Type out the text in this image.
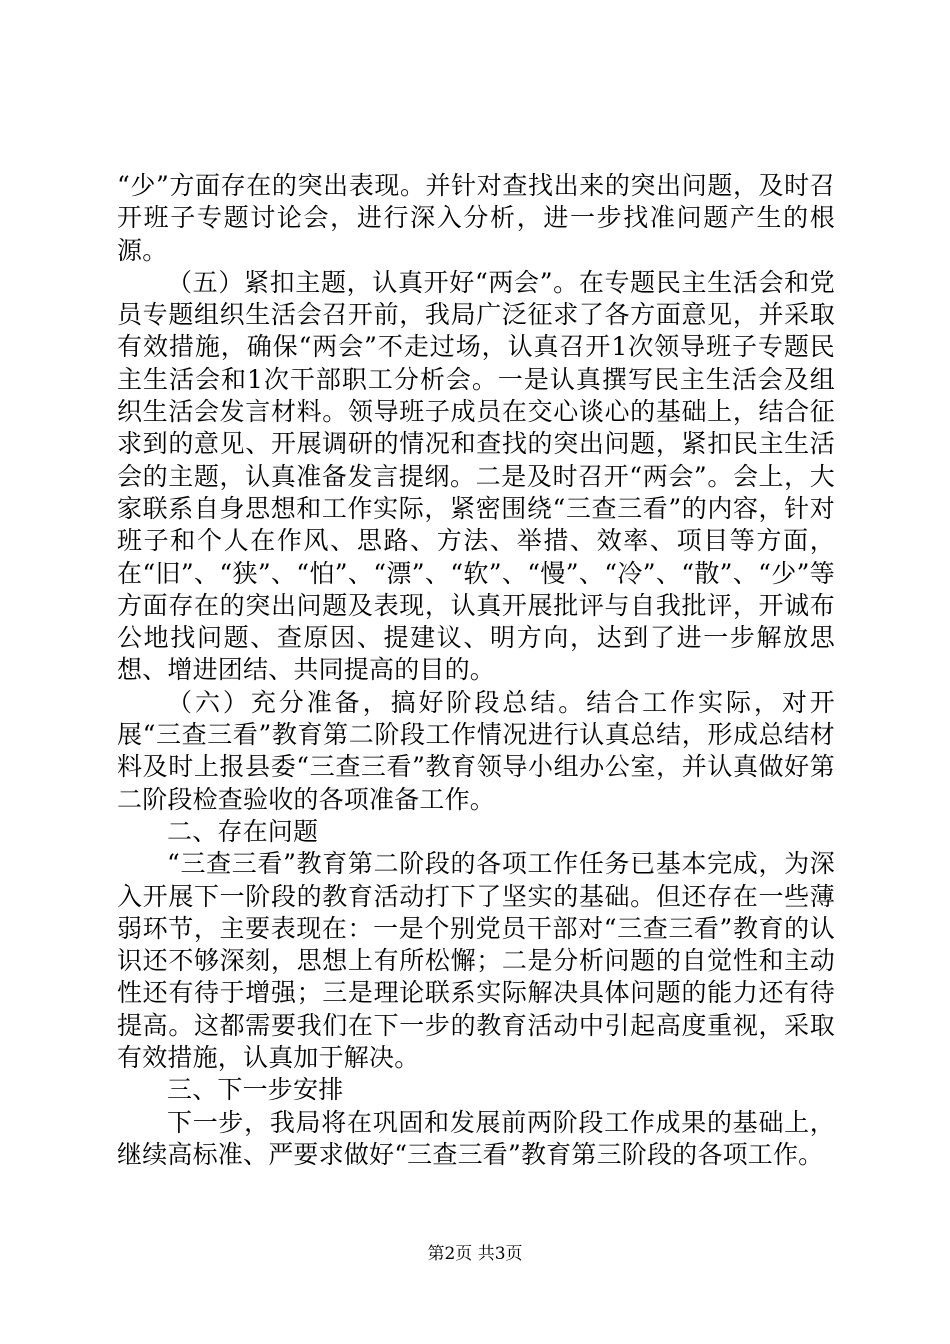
“少”方面存在的突出表现。并针对查找出来的突出问题，及时召开班子专题讨论会，进行深入分析，进一步找准问题产生的根源。

（五）紧扣主题，认真开好“两会”。在专题民主生活会和党员专题组织生活会召开前，我局广泛征求了各方面意见，并采取有效措施，确保“两会”不走过场，认真召开1次领导班子专题民主生活会和1次干部职工分析会。一是认真撰写民主生活会及组织生活会发言材料。领导班子成员在交心谈心的基础上，结合征求到的意见、开展调研的情况和查找的突出问题，紧扣民主生活会的主题，认真准备发言提纲。二是及时召开“两会”。会上，大家联系自身思想和工作实际，紧密围绕“三查三看”的内容，针对班子和个人在作风、思路、方法、举措、效率、项目等方面，在“旧”、“狭”、“怕”、“漂”、“软”、“慢”、“冷”、“散”、“少”等方面存在的突出问题及表现，认真开展批评与自我批评，开诚布公地找问题、查原因、提建议、明方向，达到了进一步解放思想、增进团结、共同提高的目的。

（六）充分准备，搞好阶段总结。结合工作实际，对开展“三查三看”教育第二阶段工作情况进行认真总结，形成总结材料及时上报县委“三查三看”教育领导小组办公室，并认真做好第二阶段检查验收的各项准备工作。

二、存在问题

“三查三看”教育第二阶段的各项工作任务已基本完成，为深入开展下一阶段的教育活动打下了坚实的基础。但还存在一些薄弱环节，主要表现在：一是个别党员干部对“三查三看”教育的认识还不够深刻，思想上有所松懈；二是分析问题的自觉性和主动性还有待于增强；三是理论联系实际解决具体问题的能力还有待提高。这都需要我们在下一步的教育活动中引起高度重视，采取有效措施，认真加于解决。

三、下一步安排

下一步，我局将在巩固和发展前两阶段工作成果的基础上，继续高标准、严要求做好“三查三看”教育第三阶段的各项工作。

第2页 共3页
